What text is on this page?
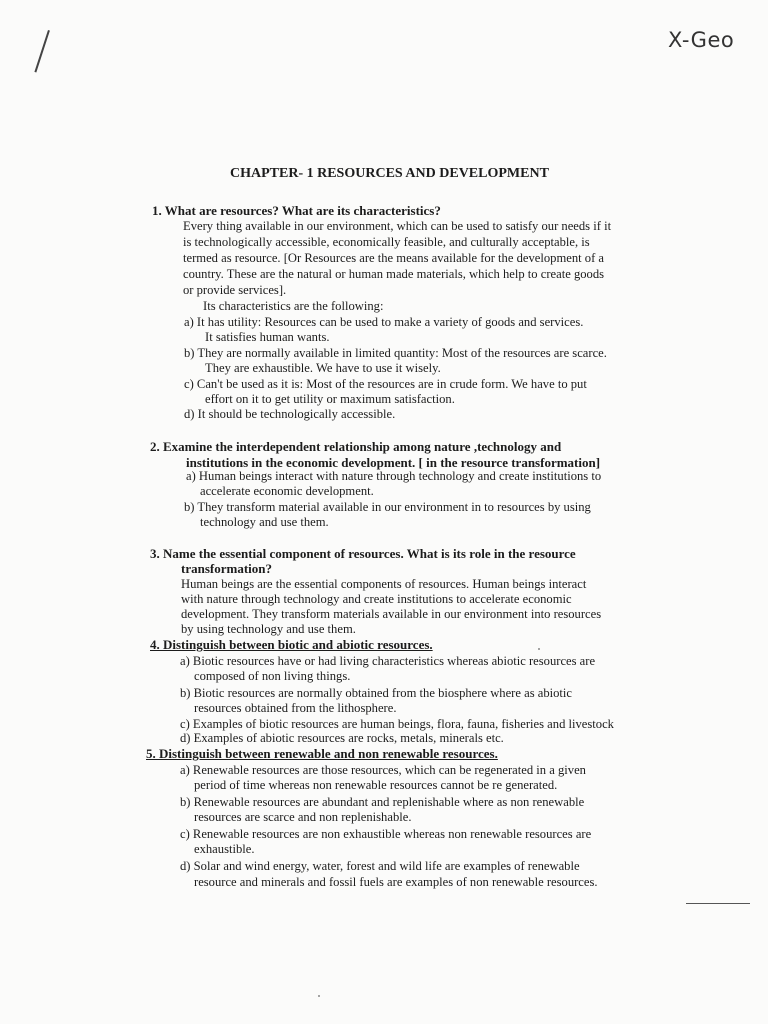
X-Geo
CHAPTER- 1 RESOURCES AND DEVELOPMENT
1. What are resources? What are its characteristics?
Every thing available in our environment, which can be used to satisfy our needs if it
is technologically accessible, economically feasible, and culturally acceptable, is
termed as resource. [Or Resources are the means available for the development of a
country. These are the natural or human made materials, which help to create goods
or provide services].
Its characteristics are the following:
a) It has utility: Resources can be used to make a variety of goods and services.
It satisfies human wants.
b) They are normally available in limited quantity: Most of the resources are scarce.
They are exhaustible. We have to use it wisely.
c) Can't be used as it is: Most of the resources are in crude form. We have to put
effort on it to get utility or maximum satisfaction.
d) It should be technologically accessible.
2. Examine the interdependent relationship among nature ,technology and
institutions in the economic development. [ in the resource transformation]
a) Human beings interact with nature through technology and create institutions to
accelerate economic development.
b) They transform material available in our environment in to resources by using
technology and use them.
3. Name the essential component of resources. What is its role in the resource
transformation?
Human beings are the essential components of resources. Human beings interact
with nature through technology and create institutions to accelerate economic
development. They transform materials available in our environment into resources
by using technology and use them.
4. Distinguish between biotic and abiotic resources.
a) Biotic resources have or had living characteristics whereas abiotic resources are
composed of non living things.
b) Biotic resources are normally obtained from the biosphere where as abiotic
resources obtained from the lithosphere.
c) Examples of biotic resources are human beings, flora, fauna, fisheries and livestock
d) Examples of abiotic resources are rocks, metals, minerals etc.
5. Distinguish between renewable and non renewable resources.
a) Renewable resources are those resources, which can be regenerated in a given
period of time whereas non renewable resources cannot be re generated.
b) Renewable resources are abundant and replenishable where as non renewable
resources are scarce and non replenishable.
c) Renewable resources are non exhaustible whereas non renewable resources are
exhaustible.
d) Solar and wind energy, water, forest and wild life are examples of renewable
resource and minerals and fossil fuels are examples of non renewable resources.
